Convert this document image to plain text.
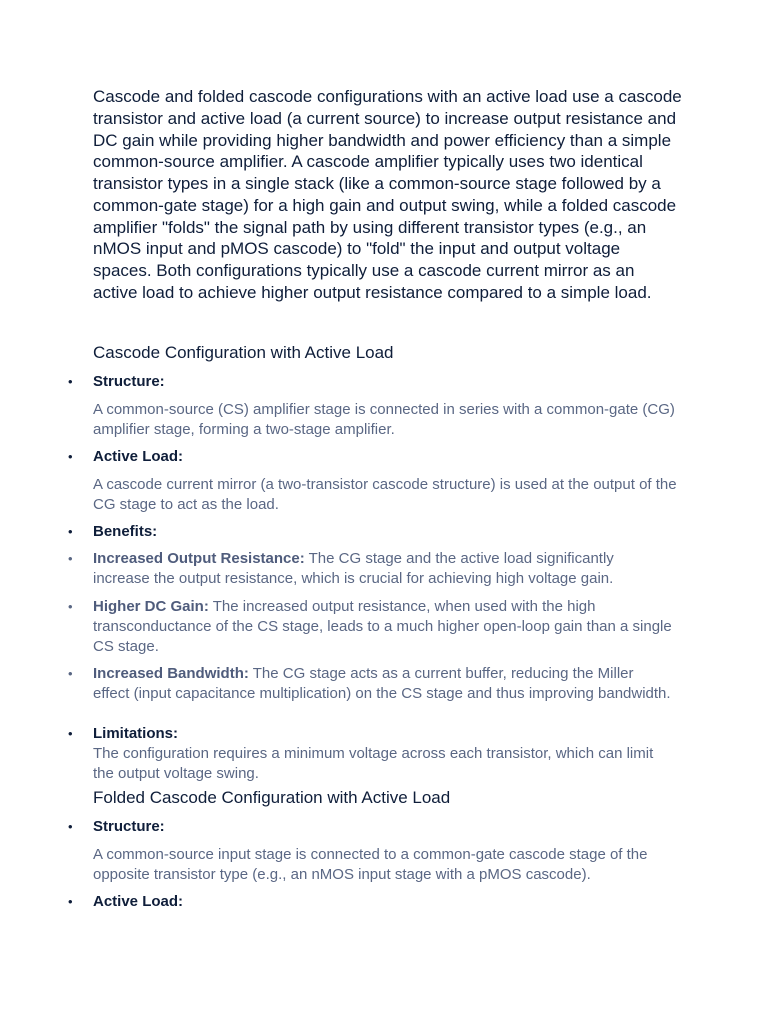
Cascode and folded cascode configurations with an active load use a cascode transistor and active load (a current source) to increase output resistance and DC gain while providing higher bandwidth and power efficiency than a simple common-source amplifier. A cascode amplifier typically uses two identical transistor types in a single stack (like a common-source stage followed by a common-gate stage) for a high gain and output swing, while a folded cascode amplifier "folds" the signal path by using different transistor types (e.g., an nMOS input and pMOS cascode) to "fold" the input and output voltage spaces. Both configurations typically use a cascode current mirror as an active load to achieve higher output resistance compared to a simple load.

Cascode Configuration with Active Load
• Structure:

A common-source (CS) amplifier stage is connected in series with a common-gate (CG) amplifier stage, forming a two-stage amplifier.

• Active Load:

A cascode current mirror (a two-transistor cascode structure) is used at the output of the CG stage to act as the load.

• Benefits:
• Increased Output Resistance: The CG stage and the active load significantly increase the output resistance, which is crucial for achieving high voltage gain.
• Higher DC Gain: The increased output resistance, when used with the high transconductance of the CS stage, leads to a much higher open-loop gain than a single CS stage.
• Increased Bandwidth: The CG stage acts as a current buffer, reducing the Miller effect (input capacitance multiplication) on the CS stage and thus improving bandwidth.
• Limitations:

The configuration requires a minimum voltage across each transistor, which can limit the output voltage swing.

Folded Cascode Configuration with Active Load
• Structure:

A common-source input stage is connected to a common-gate cascode stage of the opposite transistor type (e.g., an nMOS input stage with a pMOS cascode).

• Active Load:
